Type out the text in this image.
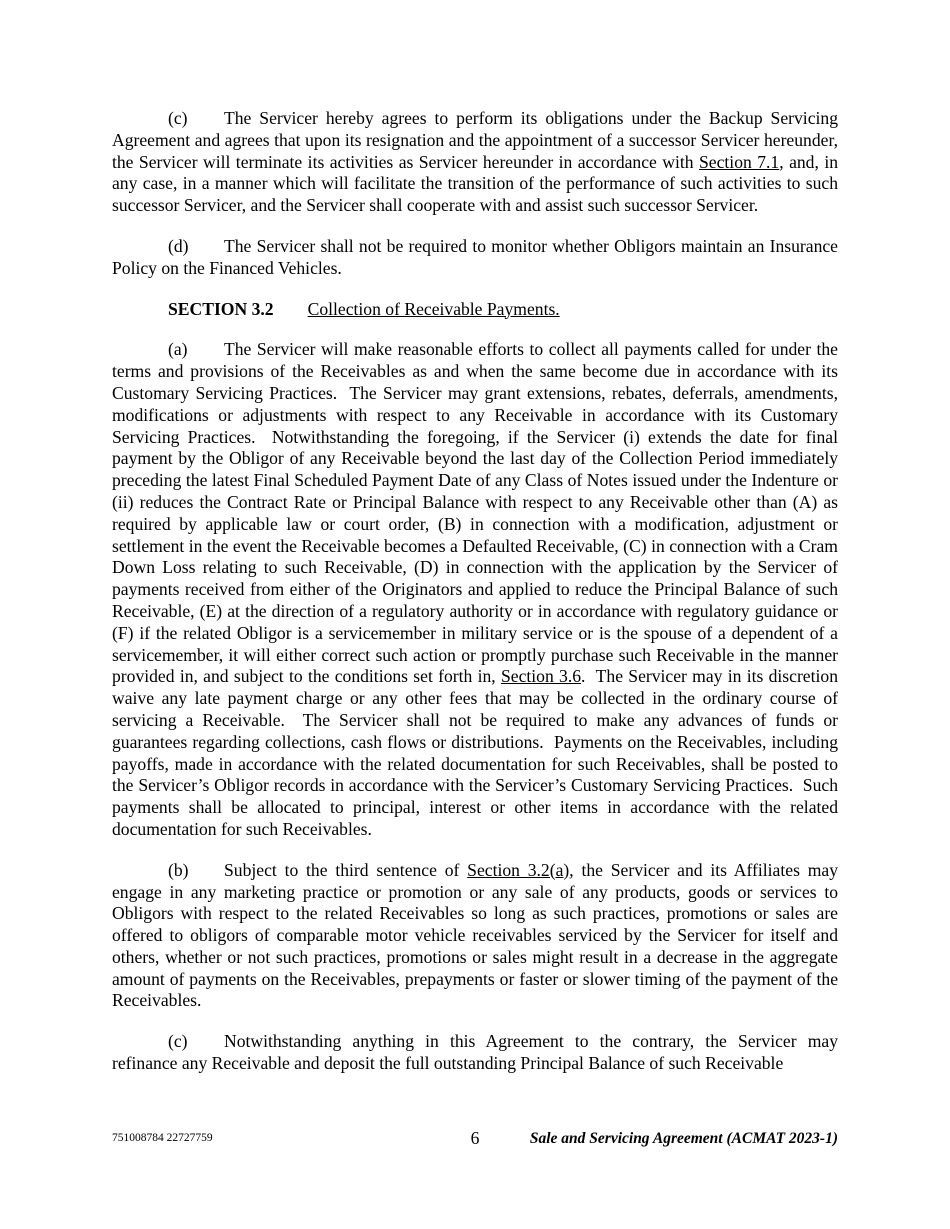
(c) The Servicer hereby agrees to perform its obligations under the Backup Servicing Agreement and agrees that upon its resignation and the appointment of a successor Servicer hereunder, the Servicer will terminate its activities as Servicer hereunder in accordance with Section 7.1, and, in any case, in a manner which will facilitate the transition of the performance of such activities to such successor Servicer, and the Servicer shall cooperate with and assist such successor Servicer.

(d) The Servicer shall not be required to monitor whether Obligors maintain an Insurance Policy on the Financed Vehicles.

SECTION 3.2 Collection of Receivable Payments.

(a) The Servicer will make reasonable efforts to collect all payments called for under the terms and provisions of the Receivables as and when the same become due in accordance with its Customary Servicing Practices.  The Servicer may grant extensions, rebates, deferrals, amendments, modifications or adjustments with respect to any Receivable in accordance with its Customary Servicing Practices.  Notwithstanding the foregoing, if the Servicer (i) extends the date for final payment by the Obligor of any Receivable beyond the last day of the Collection Period immediately preceding the latest Final Scheduled Payment Date of any Class of Notes issued under the Indenture or (ii) reduces the Contract Rate or Principal Balance with respect to any Receivable other than (A) as required by applicable law or court order, (B) in connection with a modification, adjustment or settlement in the event the Receivable becomes a Defaulted Receivable, (C) in connection with a Cram Down Loss relating to such Receivable, (D) in connection with the application by the Servicer of payments received from either of the Originators and applied to reduce the Principal Balance of such Receivable, (E) at the direction of a regulatory authority or in accordance with regulatory guidance or (F) if the related Obligor is a servicemember in military service or is the spouse of a dependent of a servicemember, it will either correct such action or promptly purchase such Receivable in the manner provided in, and subject to the conditions set forth in, Section 3.6.  The Servicer may in its discretion waive any late payment charge or any other fees that may be collected in the ordinary course of servicing a Receivable.  The Servicer shall not be required to make any advances of funds or guarantees regarding collections, cash flows or distributions.  Payments on the Receivables, including payoffs, made in accordance with the related documentation for such Receivables, shall be posted to the Servicer’s Obligor records in accordance with the Servicer’s Customary Servicing Practices.  Such payments shall be allocated to principal, interest or other items in accordance with the related documentation for such Receivables.

(b) Subject to the third sentence of Section 3.2(a), the Servicer and its Affiliates may engage in any marketing practice or promotion or any sale of any products, goods or services to Obligors with respect to the related Receivables so long as such practices, promotions or sales are offered to obligors of comparable motor vehicle receivables serviced by the Servicer for itself and others, whether or not such practices, promotions or sales might result in a decrease in the aggregate amount of payments on the Receivables, prepayments or faster or slower timing of the payment of the Receivables.

(c) Notwithstanding anything in this Agreement to the contrary, the Servicer may refinance any Receivable and deposit the full outstanding Principal Balance of such Receivable

751008784 22727759	6	Sale and Servicing Agreement (ACMAT 2023-1)
